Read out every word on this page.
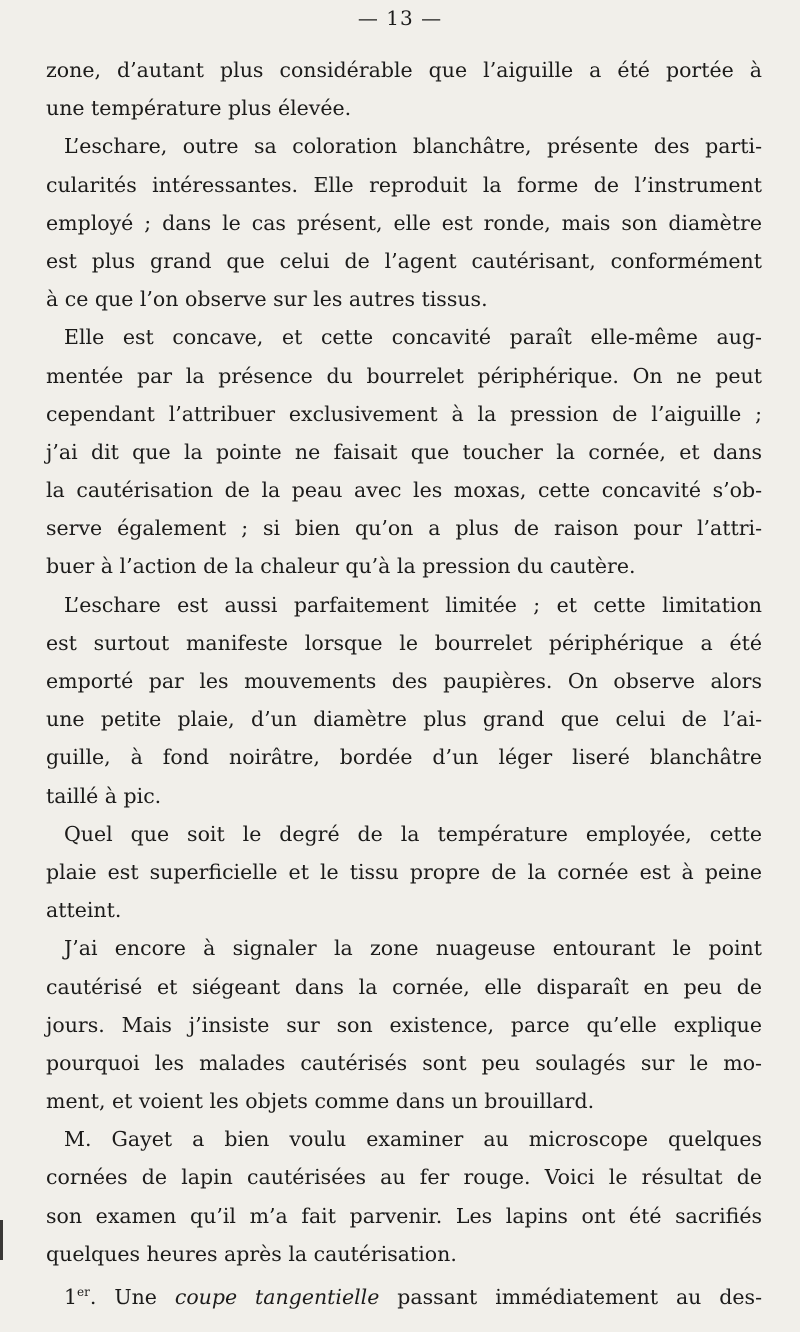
— 13 —
zone, d’autant plus considérable que l’aiguille a été portée à
une température plus élevée.
L’eschare, outre sa coloration blanchâtre, présente des parti-
cularités intéressantes. Elle reproduit la forme de l’instrument
employé ; dans le cas présent, elle est ronde, mais son diamètre
est plus grand que celui de l’agent cautérisant, conformément
à ce que l’on observe sur les autres tissus.
Elle est concave, et cette concavité paraît elle-même aug-
mentée par la présence du bourrelet périphérique. On ne peut
cependant l’attribuer exclusivement à la pression de l’aiguille ;
j’ai dit que la pointe ne faisait que toucher la cornée, et dans
la cautérisation de la peau avec les moxas, cette concavité s’ob-
serve également ; si bien qu’on a plus de raison pour l’attri-
buer à l’action de la chaleur qu’à la pression du cautère.
L’eschare est aussi parfaitement limitée ; et cette limitation
est surtout manifeste lorsque le bourrelet périphérique a été
emporté par les mouvements des paupières. On observe alors
une petite plaie, d’un diamètre plus grand que celui de l’ai-
guille, à fond noirâtre, bordée d’un léger liseré blanchâtre
taillé à pic.
Quel que soit le degré de la température employée, cette
plaie est superficielle et le tissu propre de la cornée est à peine
atteint.
J’ai encore à signaler la zone nuageuse entourant le point
cautérisé et siégeant dans la cornée, elle disparaît en peu de
jours. Mais j’insiste sur son existence, parce qu’elle explique
pourquoi les malades cautérisés sont peu soulagés sur le mo-
ment, et voient les objets comme dans un brouillard.
M. Gayet a bien voulu examiner au microscope quelques
cornées de lapin cautérisées au fer rouge. Voici le résultat de
son examen qu’il m’a fait parvenir. Les lapins ont été sacrifiés
quelques heures après la cautérisation.
1er. Une coupe tangentielle passant immédiatement au des-
